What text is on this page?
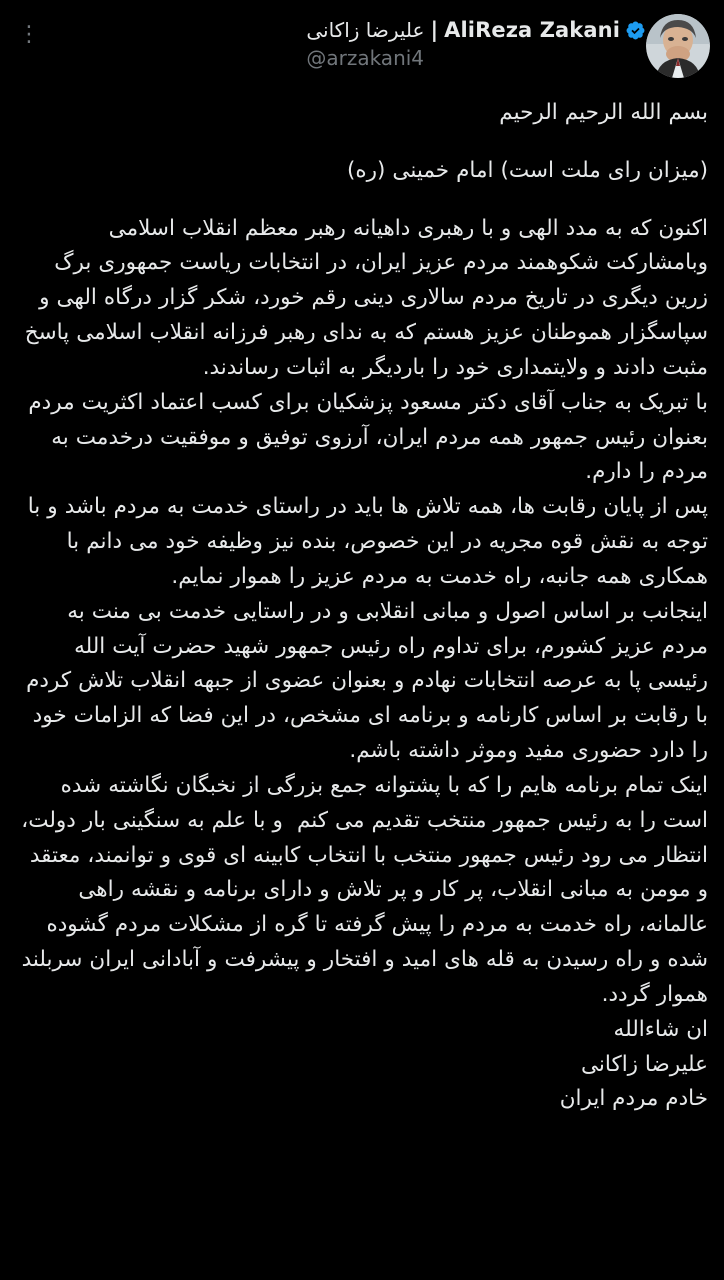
AliReza Zakani
|
علیرضا زاکانی
@arzakani4
⋮

بسم الله الرحیم الرحیم

(میزان رای ملت است) امام خمینی (ره)

اکنون که به مدد الهی و با رهبری داهیانه رهبر معظم انقلاب اسلامی وبامشارکت شکوهمند مردم عزیز ایران، در انتخابات ریاست جمهوری برگ زرین دیگری در تاریخ مردم سالاری دینی رقم خورد، شکر گزار درگاه الهی و سپاسگزار هموطنان عزیز هستم که به ندای رهبر فرزانه انقلاب اسلامی پاسخ مثبت دادند و ولایتمداری خود را باردیگر به اثبات رساندند.

با تبریک به جناب آقای دکتر مسعود پزشکیان برای کسب اعتماد اکثریت مردم بعنوان رئیس جمهور همه مردم ایران، آرزوی توفیق و موفقیت درخدمت به مردم را دارم.

پس از پایان رقابت ها، همه تلاش ها باید در راستای خدمت به مردم باشد و با توجه به نقش قوه مجریه در این خصوص، بنده نیز وظیفه خود می دانم با همکاری همه جانبه، راه خدمت به مردم عزیز را هموار نمایم.

اینجانب بر اساس اصول و مبانی انقلابی و در راستایی خدمت بی منت به مردم عزیز کشورم، برای تداوم راه رئیس جمهور شهید حضرت آیت الله رئیسی پا به عرصه انتخابات نهادم و بعنوان عضوی از جبهه انقلاب تلاش کردم با رقابت بر اساس کارنامه و برنامه ای مشخص، در این فضا که الزامات خود را دارد حضوری مفید وموثر داشته باشم.

اینک تمام برنامه هایم را که با پشتوانه جمع بزرگی از نخبگان نگاشته شده است را به رئیس جمهور منتخب تقدیم می کنم  و با علم به سنگینی بار دولت، انتظار می رود رئیس جمهور منتخب با انتخاب کابینه ای قوی و توانمند، معتقد و مومن به مبانی انقلاب، پر کار و پر تلاش و دارای برنامه و نقشه راهی عالمانه، راه خدمت به مردم را پیش گرفته تا گره از مشکلات مردم گشوده شده و راه رسیدن به قله های امید و افتخار و پیشرفت و آبادانی ایران سربلند هموار گردد.

ان شاءالله

علیرضا زاکانی

خادم مردم ایران
